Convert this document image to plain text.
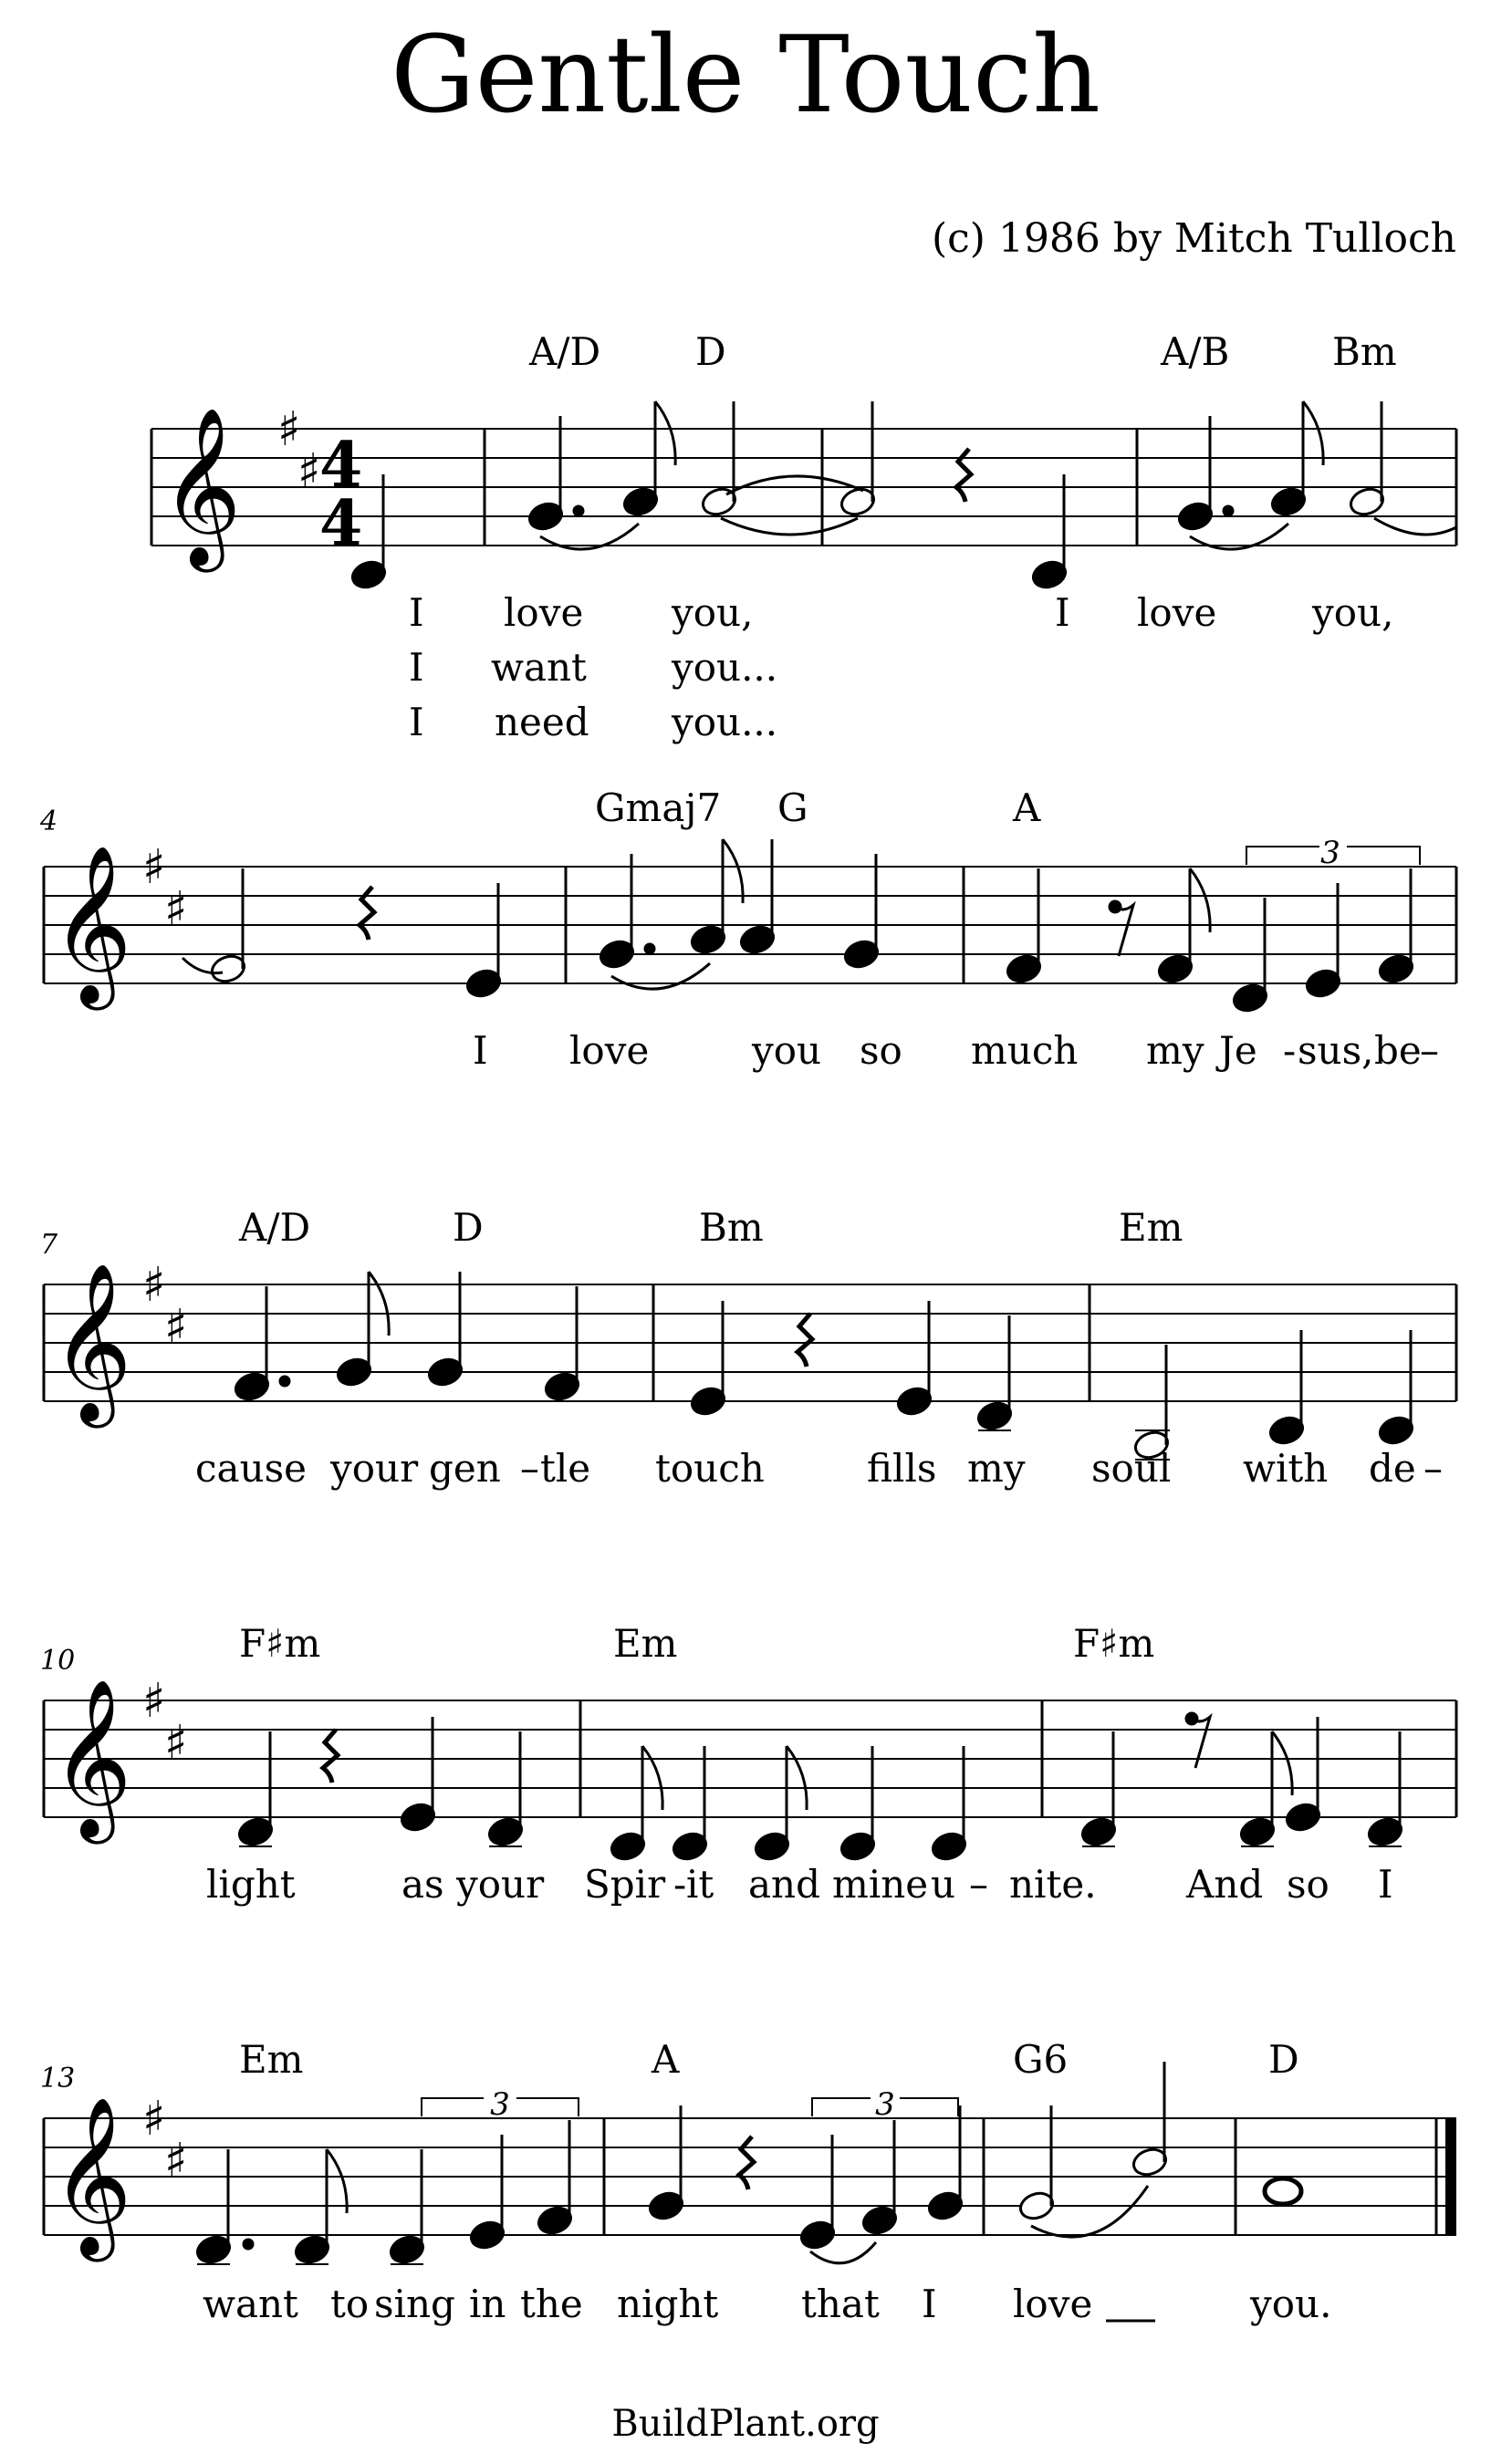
Gentle Touch
(c) 1986 by Mitch Tulloch
𝄞 ♯
♯
4
4
A/D D	A/B	Bm
I love you,	I love you,
I want you...
I need you...
4
𝄞 ♯
♯
Gmaj7 G	A
3
I love	you so much my Je - sus, be
–
7
𝄞 ♯
♯
A/D	D	Bm	Em
cause your gen – tle touch	fills my soul with de –
10
𝄞 ♯
♯
F♯m	Em	F♯m
light	as your Spir - it and mine u – nite. And so I
13
𝄞 ♯
♯
Em	A	G6	D
3	3
want to sing in the night that I love	you.
BuildPlant.org
